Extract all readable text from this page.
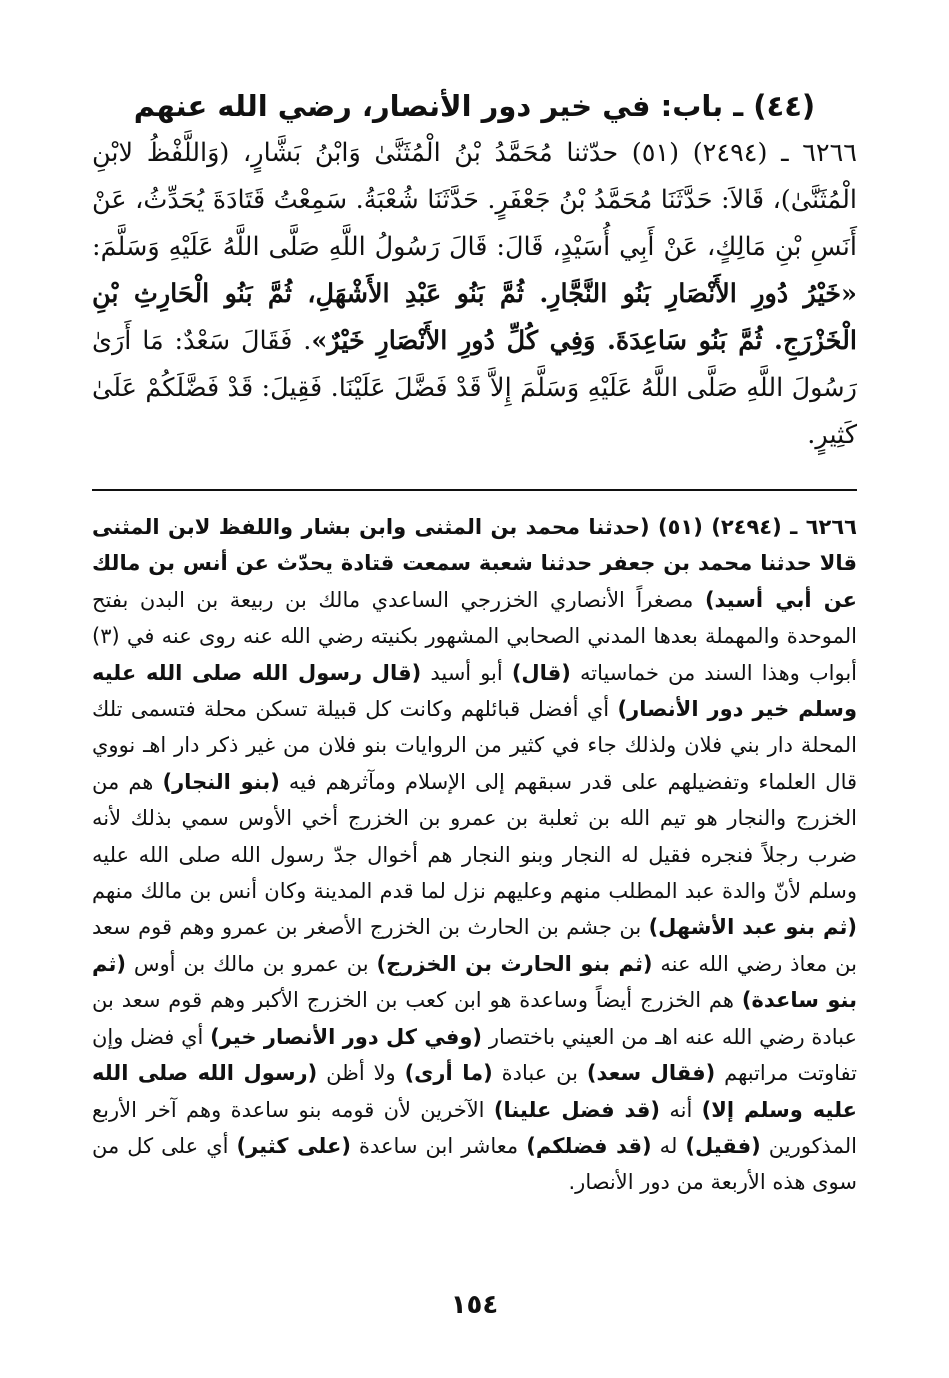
(٤٤) ـ باب: في خير دور الأنصار، رضي الله عنهم

٦٢٦٦ ـ (٢٤٩٤) (٥١) حدّثنا مُحَمَّدُ بْنُ الْمُثَنَّىٰ وَابْنُ بَشَّارٍ، (وَاللَّفْظُ لابْنِ الْمُثَنَّىٰ)، قَالاَ: حَدَّثَنَا مُحَمَّدُ بْنُ جَعْفَرٍ. حَدَّثَنَا شُعْبَةُ. سَمِعْتُ قَتَادَةَ يُحَدِّثُ، عَنْ أَنَسِ بْنِ مَالِكٍ، عَنْ أَبِي أُسَيْدٍ، قَالَ: قَالَ رَسُولُ اللَّهِ صَلَّى اللَّهُ عَلَيْهِ وَسَلَّمَ: «خَيْرُ دُورِ الأَنْصَارِ بَنُو النَّجَّارِ. ثُمَّ بَنُو عَبْدِ الأَشْهَلِ، ثُمَّ بَنُو الْحَارِثِ بْنِ الْخَزْرَجِ. ثُمَّ بَنُو سَاعِدَةَ. وَفِي كُلِّ دُورِ الأَنْصَارِ خَيْرٌ». فَقَالَ سَعْدٌ: مَا أَرَىٰ رَسُولَ اللَّهِ صَلَّى اللَّهُ عَلَيْهِ وَسَلَّمَ إِلاَّ قَدْ فَضَّلَ عَلَيْنَا. فَقِيلَ: قَدْ فَضَّلَكُمْ عَلَىٰ كَثِيرٍ.

٦٢٦٦ ـ (٢٤٩٤) (٥١) (حدثنا محمد بن المثنى وابن بشار واللفظ لابن المثنى قالا حدثنا محمد بن جعفر حدثنا شعبة سمعت قتادة يحدّث عن أنس بن مالك عن أبي أسيد) مصغراً الأنصاري الخزرجي الساعدي مالك بن ربيعة بن البدن بفتح الموحدة والمهملة بعدها المدني الصحابي المشهور بكنيته رضي الله عنه روى عنه في (٣) أبواب وهذا السند من خماسياته (قال) أبو أسيد (قال رسول الله صلى الله عليه وسلم خير دور الأنصار) أي أفضل قبائلهم وكانت كل قبيلة تسكن محلة فتسمى تلك المحلة دار بني فلان ولذلك جاء في كثير من الروايات بنو فلان من غير ذكر دار اهـ نووي قال العلماء وتفضيلهم على قدر سبقهم إلى الإسلام ومآثرهم فيه (بنو النجار) هم من الخزرج والنجار هو تيم الله بن ثعلبة بن عمرو بن الخزرج أخي الأوس سمي بذلك لأنه ضرب رجلاً فنجره فقيل له النجار وبنو النجار هم أخوال جدّ رسول الله صلى الله عليه وسلم لأنّ والدة عبد المطلب منهم وعليهم نزل لما قدم المدينة وكان أنس بن مالك منهم (ثم بنو عبد الأشهل) بن جشم بن الحارث بن الخزرج الأصغر بن عمرو وهم قوم سعد بن معاذ رضي الله عنه (ثم بنو الحارث بن الخزرج) بن عمرو بن مالك بن أوس (ثم بنو ساعدة) هم الخزرج أيضاً وساعدة هو ابن كعب بن الخزرج الأكبر وهم قوم سعد بن عبادة رضي الله عنه اهـ من العيني باختصار (وفي كل دور الأنصار خير) أي فضل وإن تفاوتت مراتبهم (فقال سعد) بن عبادة (ما أرى) ولا أظن (رسول الله صلى الله عليه وسلم إلا) أنه (قد فضل علينا) الآخرين لأن قومه بنو ساعدة وهم آخر الأربع المذكورين (فقيل) له (قد فضلكم) معاشر ابن ساعدة (على كثير) أي على كل من سوى هذه الأربعة من دور الأنصار.

١٥٤
